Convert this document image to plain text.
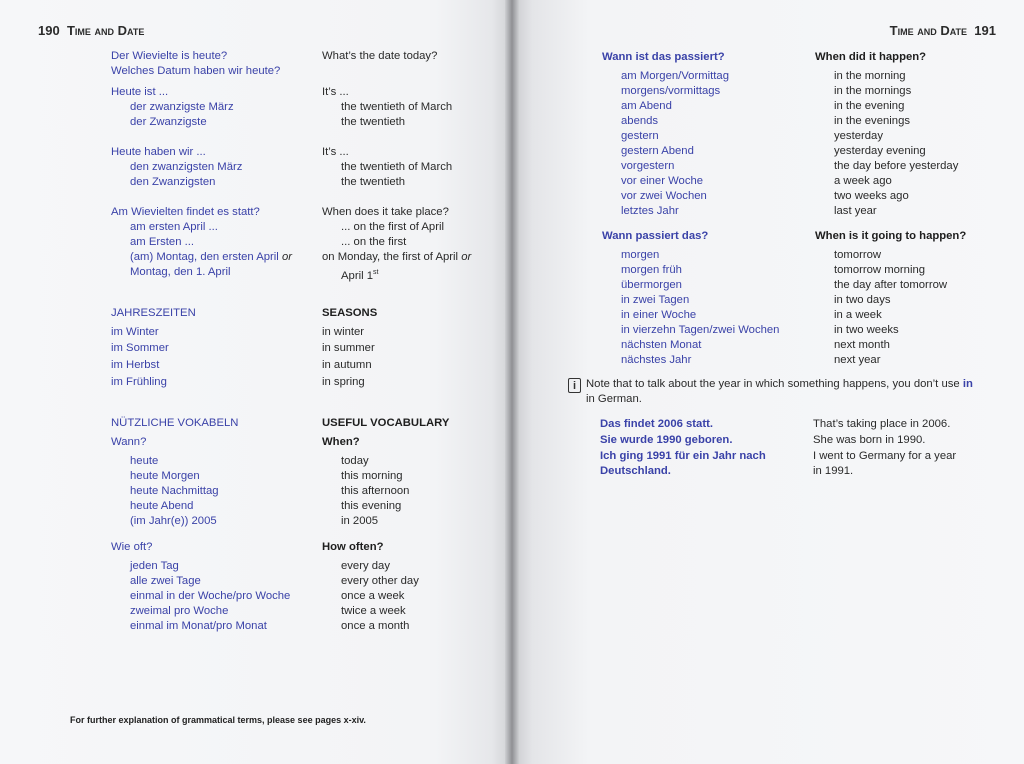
190 Time and Date
Der Wievielte is heute?	What’s the date today?
Welches Datum haben wir heute?
Heute ist ...	It’s ...
der zwanzigste März	the twentieth of March
der Zwanzigste	the twentieth
Heute haben wir ...	It’s ...
den zwanzigsten März	the twentieth of March
den Zwanzigsten	the twentieth
Am Wievielten findet es statt?	When does it take place?
am ersten April ...	... on the first of April
am Ersten ...	... on the first
(am) Montag, den ersten April or	on Monday, the first of April or
Montag, den 1. April	April 1st
JAHRESZEITEN	SEASONS
im Winter	in winter
im Sommer	in summer
im Herbst	in autumn
im Frühling	in spring
NÜTZLICHE VOKABELN	USEFUL VOCABULARY
Wann?	When?
heute	today
heute Morgen	this morning
heute Nachmittag	this afternoon
heute Abend	this evening
(im Jahr(e)) 2005	in 2005
Wie oft?	How often?
jeden Tag	every day
alle zwei Tage	every other day
einmal in der Woche/pro Woche	once a week
zweimal pro Woche	twice a week
einmal im Monat/pro Monat	once a month
For further explanation of grammatical terms, please see pages x-xiv.
Time and Date 191
Wann ist das passiert?	When did it happen?
am Morgen/Vormittag	in the morning
morgens/vormittags	in the mornings
am Abend	in the evening
abends	in the evenings
gestern	yesterday
gestern Abend	yesterday evening
vorgestern	the day before yesterday
vor einer Woche	a week ago
vor zwei Wochen	two weeks ago
letztes Jahr	last year
Wann passiert das?	When is it going to happen?
morgen	tomorrow
morgen früh	tomorrow morning
übermorgen	the day after tomorrow
in zwei Tagen	in two days
in einer Woche	in a week
in vierzehn Tagen/zwei Wochen	in two weeks
nächsten Monat	next month
nächstes Jahr	next year
i Note that to talk about the year in which something happens, you don’t use in
in German.
Das findet 2006 statt.	That’s taking place in 2006.
Sie wurde 1990 geboren.	She was born in 1990.
Ich ging 1991 für ein Jahr nach	I went to Germany for a year
Deutschland.	in 1991.
